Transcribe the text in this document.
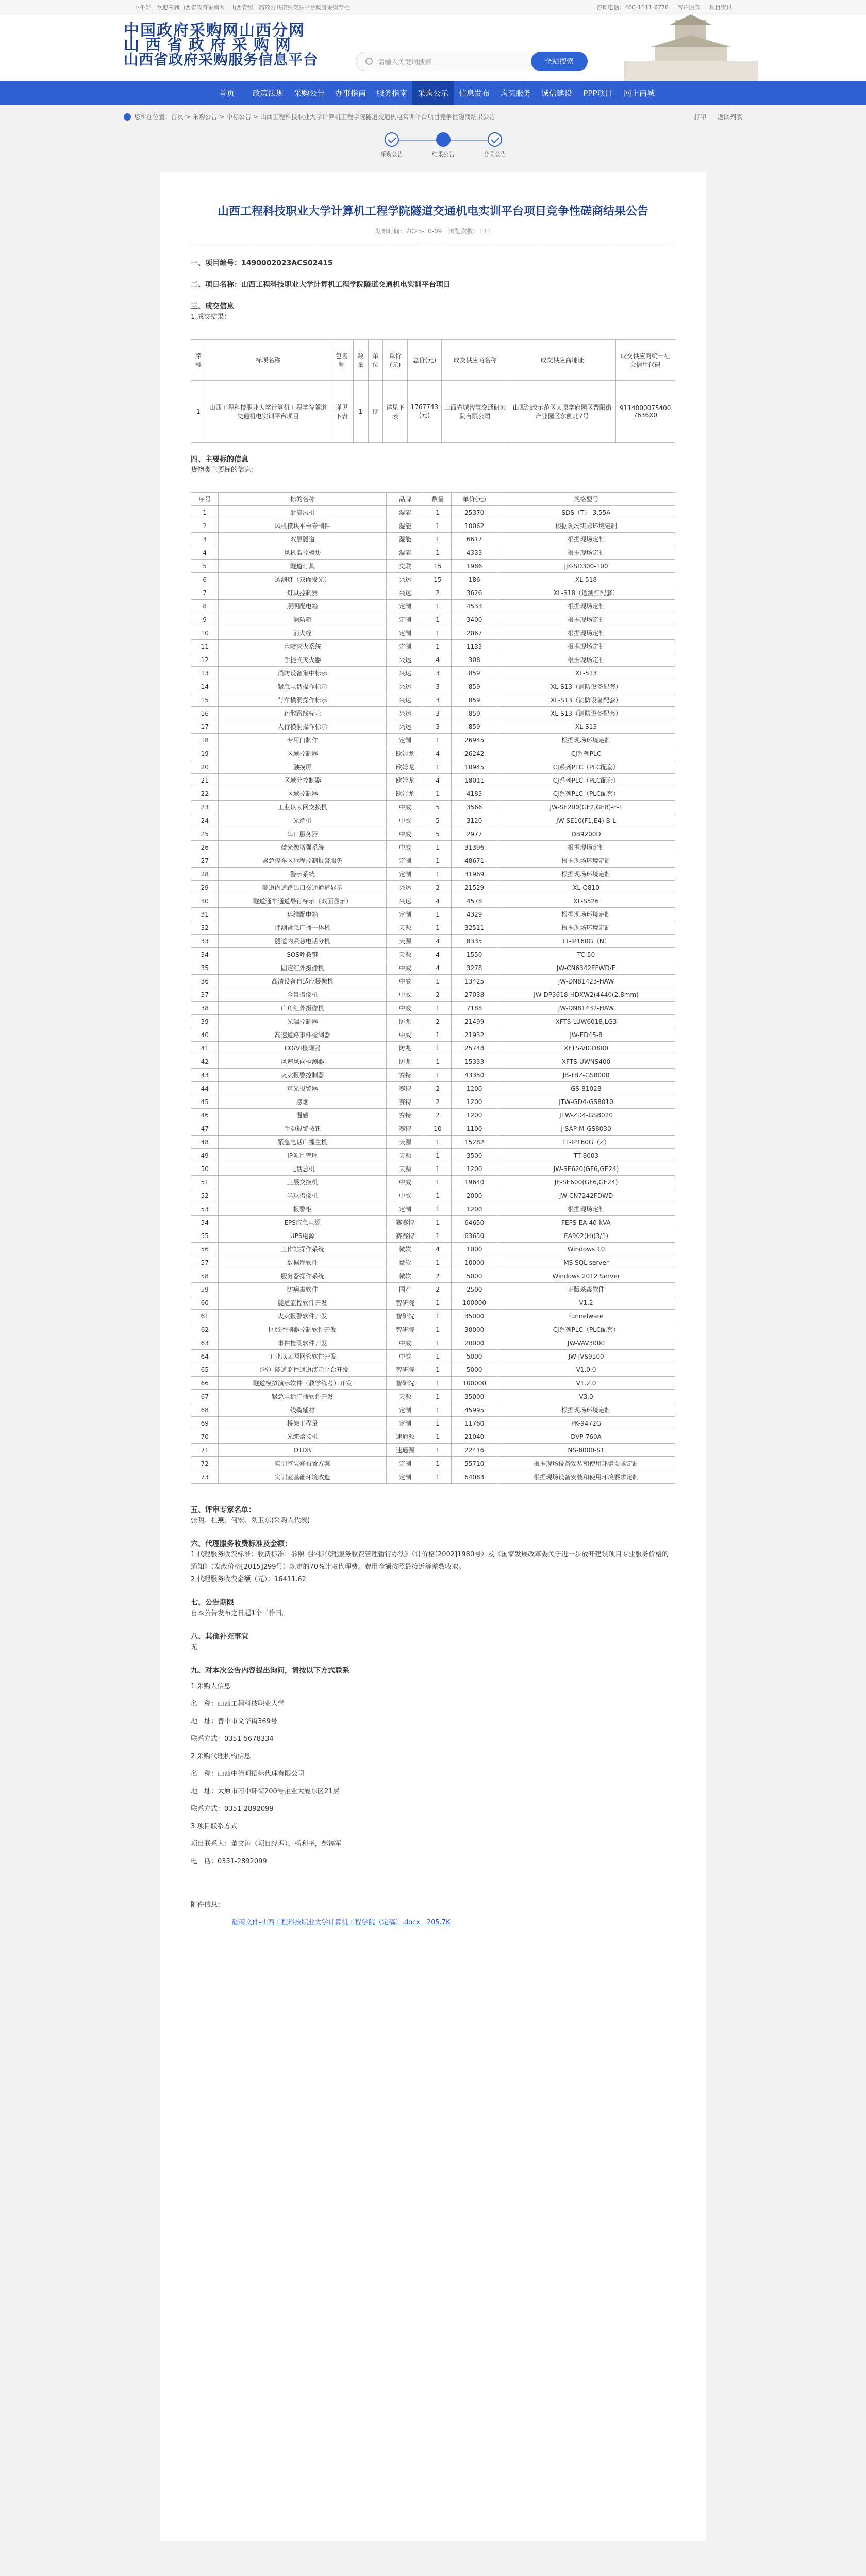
下午好，欢迎来到山西省政府采购网！山西省统一高效公共资源交易平台政府采购专栏	咨询电话：400-1111-6778 客户服务 项目资讯
中国政府采购网山西分网
山西省政府采购网
山西省政府采购服务信息平台	请输入关键词搜索	全站搜索
首页	政策法规	采购公告	办事指南	服务指南	采购公示	信息发布	购买服务	诚信建设	PPP项目	网上商城
您所在位置：首页 > 采购公告 > 中标公告 > 山西工程科技职业大学计算机工程学院隧道交通机电实训平台项目竞争性磋商结果公告	打印 返回列表
采购公告	结果公告	合同公告
山西工程科技职业大学计算机工程学院隧道交通机电实训平台项目竞争性磋商结果公告
发布时间：2023-10-09　浏览次数：111
一、项目编号：1490002023ACS02415
二、项目名称：山西工程科技职业大学计算机工程学院隧道交通机电实训平台项目
三、成交信息
1.成交结果：
序号	标项名称	包名称	数量	单位	单价(元)	总价(元)	成交供应商名称	成交供应商地址	成交供应商统一社会信用代码
1	山西工程科技职业大学计算机工程学院隧道交通机电实训平台项目	详见下表	1	批	详见下表	1767743(元)	山西省城智慧交通研究院有限公司	山西综改示范区太原学府园区晋阳街产业园区东侧北7号	91140000754007636X0
四、主要标的信息
货物类主要标的信息：
序号	标的名称	品牌	数量	单价(元)	规格型号
1	射流风机	湿能	1	25370	SDS（T）-3.55A
2	风机模块平台专制件	湿能	1	10062	根据现场实际环境定制
3	双层隧道	湿能	1	6617	根据现场定制
4	风机监控模块	湿能	1	4333	根据现场定制
5	隧道灯具	交联	15	1986	JJK-SD300-100
6	透测灯（双面发光）	兴达	15	186	XL-518
7	灯具控制器	兴达	2	3626	XL-S18（透测灯配套）
8	照明配电箱	定制	1	4533	根据现场定制
9	消防箱	定制	1	3400	根据现场定制
10	消火栓	定制	1	2067	根据现场定制
11	水喷灭火系统	定制	1	1133	根据现场定制
12	手提式灭火器	兴达	4	308	根据现场定制
13	消防设备集中标示	兴达	3	859	XL-513
14	紧急电话操作标示	兴达	3	859	XL-S13（消防设备配套）
15	行车横洞操作标示	兴达	3	859	XL-S13（消防设备配套）
16	疏散路线标示	兴达	3	859	XL-S13（消防设备配套）
17	人行横洞操作标示	兴达	3	859	XL-S13
18	专用门制作	定制	1	26945	根据现场环境定制
19	区域控制器	欧姆龙	4	26242	CJ系列PLC
20	触摸屏	欧姆龙	1	10945	CJ系列PLC（PLC配套）
21	区域分控制器	欧姆龙	4	18011	CJ系列PLC（PLC配套）
22	区域控制器	欧姆龙	1	4183	CJ系列PLC（PLC配套）
23	工业以太网交换机	中威	5	3566	JW-SE200(GF2,GE8)-F-L
24	光端机	中威	5	3120	JW-SE10(F1,E4)-B-L
25	串口服务器	中威	5	2977	DB9200D
26	微光像增强系统	中威	1	31396	根据现场定制
27	紧急停车区远程控制报警服务	定制	1	48671	根据现场环境定制
28	警示系统	定制	1	31969	根据现场环境定制
29	隧道内道路出口交通通道显示	兴达	2	21529	XL-Q810
30	隧道通车通道导行标示（双面显示）	兴达	4	4578	XL-S526
31	运维配电箱	定制	1	4329	根据现场环境定制
32	评测紧急广播一体机	天源	1	32511	根据现场环境定制
33	隧道内紧急电话分机	天源	4	8335	TT-IP160G（N）
34	SOS呼救键	天源	4	1550	TC-50
35	固定红外摄像机	中威	4	3278	JW-CN6342EFWD/E
36	高清设备自适应摄像机	中威	1	13425	JW-DN81423-HAW
37	全景摄像机	中威	2	27038	JW-DP3618-HDXW2(4440(2.8mm)
38	广角红外摄像机	中威	1	7188	JW-DN81432-HAW
39	光端控制器	防兆	2	21499	XFTS-LUW6018,LG3
40	高速道路事件检测器	中威	1	21932	JW-ED45-8
41	CO/VI检测器	防兆	1	25748	XFTS-VICO800
42	风速风向检测器	防兆	1	15333	XFTS-UWNS400
43	火灾报警控制器	赛特	1	43350	JB-TBZ-GS8000
44	声光报警器	赛特	2	1200	GS-8102B
45	感烟	赛特	2	1200	JTW-GD4-GS8010
46	温感	赛特	2	1200	JTW-ZD4-GS8020
47	手动报警按钮	赛特	10	1100	J-SAP-M-GS8030
48	紧急电话广播主机	天源	1	15282	TT-IP160G（Z）
49	IP项目管理	天源	1	3500	TT-8003
50	电话总机	天源	1	1200	JW-SE620(GF6,GE24)
51	三层交换机	中威	1	19640	JE-SE600(GF6,GE24)
52	半球摄像机	中威	1	2000	JW-CN7242FDWD
53	报警柜	定制	1	1200	根据现场定制
54	EPS应急电源	赛赛特	1	64650	FEPS-EA-40-kVA
55	UPS电源	赛赛特	1	63650	EA902(H)(3/1)
56	工作站操作系统	微软	4	1000	Windows 10
57	数据库软件	微软	1	10000	MS SQL server
58	服务器操作系统	微软	2	5000	Windows 2012 Server
59	防病毒软件	国产	2	2500	正版杀毒软件
60	隧道监控软件开发	智研院	1	100000	V1.2
61	火灾报警软件开发	智研院	1	35000	funnelware
62	区域控制器控制软件开发	智研院	1	30000	CJ系列PLC（PLC配套）
63	事件检测软件开发	中威	1	20000	JW-VAV3000
64	工业以太网网管软件开发	中威	1	5000	JW-IVS9100
65	（省）隧道监控通道演示平台开发	智研院	1	5000	V1.0.0
66	隧道模拟演示软件（教学练考）开发	智研院	1	100000	V1.2.0
67	紧急电话广播软件开发	天源	1	35000	V3.0
68	线缆辅材	定制	1	45995	根据现场环境定制
69	桥架工程量	定制	1	11760	PK-9472G
70	光缆熔接机	速通源	1	21040	DVP-760A
71	OTDR	速通源	1	22416	NS-8000-S1
72	实训室装修布置方案	定制	1	55710	根据现场设备安装和使用环境要求定制
73	实训室基础环境改造	定制	1	64083	根据现场设备安装和使用环境要求定制
五、评审专家名单：
张明、杜燕、何宏、刘卫东(采购人代表)
六、代理服务收费标准及金额：
1.代理服务收费标准：收费标准：参照《招标代理服务收费管理暂行办法》（计价格[2002]1980号）及《国家发展改革委关于进一步放开建设项目专业服务价格的通知》（发改价格[2015]299号）规定的70%计取代理费。费用金额按照最接近等差数收取。
2.代理服务收费金额（元）：16411.62
七、公告期限
自本公告发布之日起1个工作日。
八、其他补充事宜
无
九、对本次公告内容提出询问，请按以下方式联系
1.采购人信息
名　称：山西工程科技职业大学
地　址：晋中市文华街369号
联系方式：0351-5678334
2.采购代理机构信息
名　称：山西中德明招标代理有限公司
地　址：太原市南中环街200号企业大厦东区21层
联系方式：0351-2892099
3.项目联系方式
项目联系人：董文涛（项目经理），杨利平，郝福军
电　话：0351-2892099
附件信息：
磋商文件-山西工程科技职业大学计算机工程学院（定稿）.docx　205.7K
